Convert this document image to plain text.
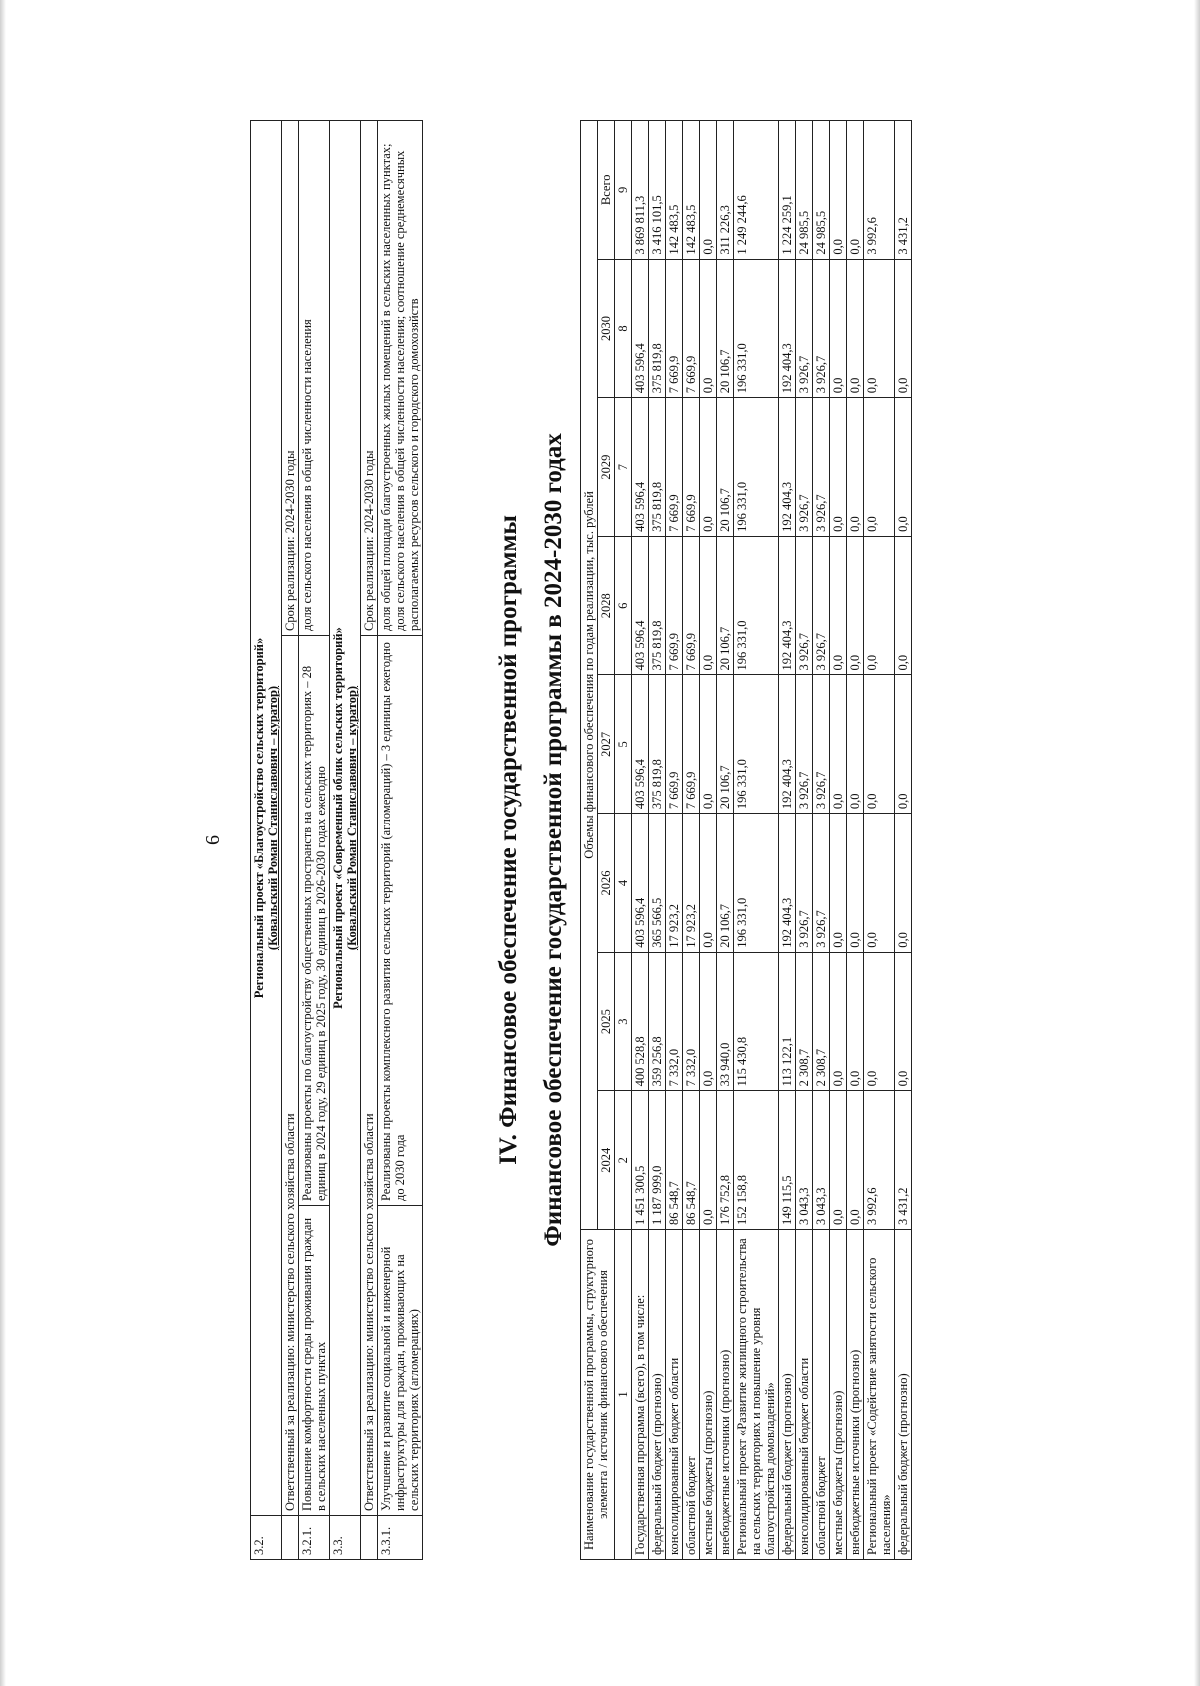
6
3.2.	Региональный проект «Благоустройство сельских территорий» (Ковальский Роман Станиславович – куратор)		

	Ответственный за реализацию: министерство сельского хозяйства области		Срок реализации: 2024-2030 годы
3.2.1.	Повышение комфортности среды проживания граждан в сельских населенных пунктах	Реализованы проекты по благоустройству общественных пространств на сельских территориях – 28 единиц в 2024 году, 29 единиц в 2025 году, 30 единиц в 2026-2030 годах ежегодно	доля сельского населения в общей численности населения
3.3.	Региональный проект «Современный облик сельских территорий» (Ковальский Роман Станиславович – куратор)		

	Ответственный за реализацию: министерство сельского хозяйства области		Срок реализации: 2024-2030 годы
3.3.1.	Улучшение и развитие социальной и инженерной инфраструктуры для граждан, проживающих на сельских территориях (агломерациях)	Реализованы проекты комплексного развития сельских территорий (агломераций) – 3 единицы ежегодно до 2030 года	доля общей площади благоустроенных жилых помещений в сельских населенных пунктах; доля сельского населения в общей численности населения; соотношение среднемесячных располагаемых ресурсов сельского и городского домохозяйств
IV. Финансовое обеспечение государственной программы Финансовое обеспечение государственной программы в 2024-2030 годах
Наименование государственной программы, структурного элемента / источник финансового обеспечения	Объемы финансового обеспечения по годам реализации, тыс. рублей							
	2024	2025	2026	2027	2028	2029	2030	Всего
1	2	3	4	5	6	7	8	9
Государственная программа (всего), в том числе:	1 451 300,5	400 528,8	403 596,4	403 596,4	403 596,4	403 596,4	403 596,4	3 869 811,3
федеральный бюджет (прогнозно)	1 187 999,0	359 256,8	365 566,5	375 819,8	375 819,8	375 819,8	375 819,8	3 416 101,5
консолидированный бюджет области	86 548,7	7 332,0	17 923,2	7 669,9	7 669,9	7 669,9	7 669,9	142 483,5
областной бюджет	86 548,7	7 332,0	17 923,2	7 669,9	7 669,9	7 669,9	7 669,9	142 483,5
местные бюджеты (прогнозно)	0,0	0,0	0,0	0,0	0,0	0,0	0,0	0,0
внебюджетные источники (прогнозно)	176 752,8	33 940,0	20 106,7	20 106,7	20 106,7	20 106,7	20 106,7	311 226,3
Региональный проект «Развитие жилищного строительства на сельских территориях и повышение уровня благоустройства домовладений»	152 158,8	115 430,8	196 331,0	196 331,0	196 331,0	196 331,0	196 331,0	1 249 244,6
федеральный бюджет (прогнозно)	149 115,5	113 122,1	192 404,3	192 404,3	192 404,3	192 404,3	192 404,3	1 224 259,1
консолидированный бюджет области	3 043,3	2 308,7	3 926,7	3 926,7	3 926,7	3 926,7	3 926,7	24 985,5
областной бюджет	3 043,3	2 308,7	3 926,7	3 926,7	3 926,7	3 926,7	3 926,7	24 985,5
местные бюджеты (прогнозно)	0,0	0,0	0,0	0,0	0,0	0,0	0,0	0,0
внебюджетные источники (прогнозно)	0,0	0,0	0,0	0,0	0,0	0,0	0,0	0,0
Региональный проект «Содействие занятости сельского населения»	3 992,6	0,0	0,0	0,0	0,0	0,0	0,0	3 992,6
федеральный бюджет (прогнозно)	3 431,2	0,0	0,0	0,0	0,0	0,0	0,0	3 431,2
